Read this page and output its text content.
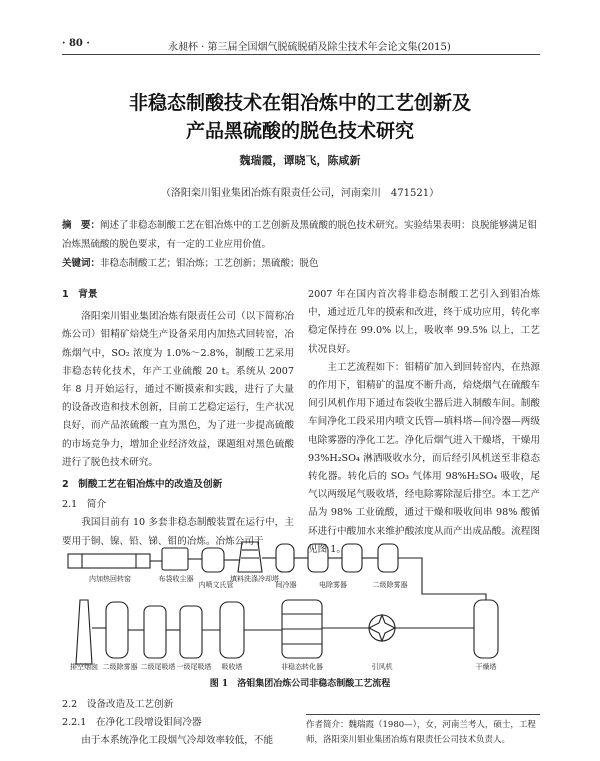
· 80 ·	永昶杯 · 第三届全国烟气脱硫脱硝及除尘技术年会论文集(2015)
非稳态制酸技术在钼冶炼中的工艺创新及
产品黑硫酸的脱色技术研究
魏瑞霞，谭晓飞，陈咸新
（洛阳栾川钼业集团冶炼有限责任公司，河南栾川　471521）
摘　要：阐述了非稳态制酸工艺在钼冶炼中的工艺创新及黑硫酸的脱色技术研究。实验结果表明：良脱能够满足钼冶炼黑硫酸的脱色要求，有一定的工业应用价值。
关键词：非稳态制酸工艺；钼冶炼；工艺创新；黑硫酸；脱色
1　背景

洛阳栾川钼业集团冶炼有限责任公司（以下简称冶炼公司）钼精矿焙烧生产设备采用内加热式回转窑，冶炼烟气中，SO₂ 浓度为 1.0%～2.8%，制酸工艺采用非稳态转化技术，年产工业硫酸 20 t。系统从 2007 年 8 月开始运行，通过不断摸索和实践，进行了大量的设备改造和技术创新，目前工艺稳定运行，生产状况良好，而产品浓硫酸一直为黑色，为了进一步提高硫酸的市场竞争力，增加企业经济效益，课题组对黑色硫酸进行了脱色技术研究。

2　制酸工艺在钼冶炼中的改造及创新
2.1　简介

我国目前有 10 多套非稳态制酸装置在运行中，主要用于铜、镍、铅、锑、钼的冶炼。冶炼公司于

2007 年在国内首次将非稳态制酸工艺引入到钼冶炼中，通过近几年的摸索和改进，终于成功应用，转化率稳定保持在 99.0% 以上，吸收率 99.5% 以上，工艺状况良好。

主工艺流程如下：钼精矿加入到回转窑内，在热源的作用下，钼精矿的温度不断升高，焙烧烟气在硫酸车间引风机作用下通过布袋收尘器后进入制酸车间。制酸车间净化工段采用内喷文氏管—填料塔—间冷器—两级电除雾器的净化工艺。净化后烟气进入干燥塔，干燥用 93%H₂SO₄ 淋洒吸收水分，而后经引风机送至非稳态转化器。转化后的 SO₃ 气体用 98%H₂SO₄ 吸收，尾气以两级尾气吸收塔，经电除雾除湿后排空。本工艺产品为 98% 工业硫酸，通过干燥和吸收间串 98% 酸循环进行中酸加水来维护酸浓度从而产出成品酸。流程图见图 1。

内加热回转窑	布袋收尘器
内喷文氏管
填料洗涤冷却塔
间冷器	电除雾器	二级除雾器
排空烟囱 二级除雾器 二级尾吸塔 一级尾吸塔	吸收塔	非稳态转化器	引风机	干燥塔
图 1　洛钼集团冶炼公司非稳态制酸工艺流程
2.2　设备改造及工艺创新
2.2.1　在净化工段增设钼间冷器

由于本系统净化工段烟气冷却效率较低，不能

作者简介：魏瑞霞（1980—），女，河南兰考人，硕士，工程师，洛阳栾川钼业集团冶炼有限责任公司技术负责人。
